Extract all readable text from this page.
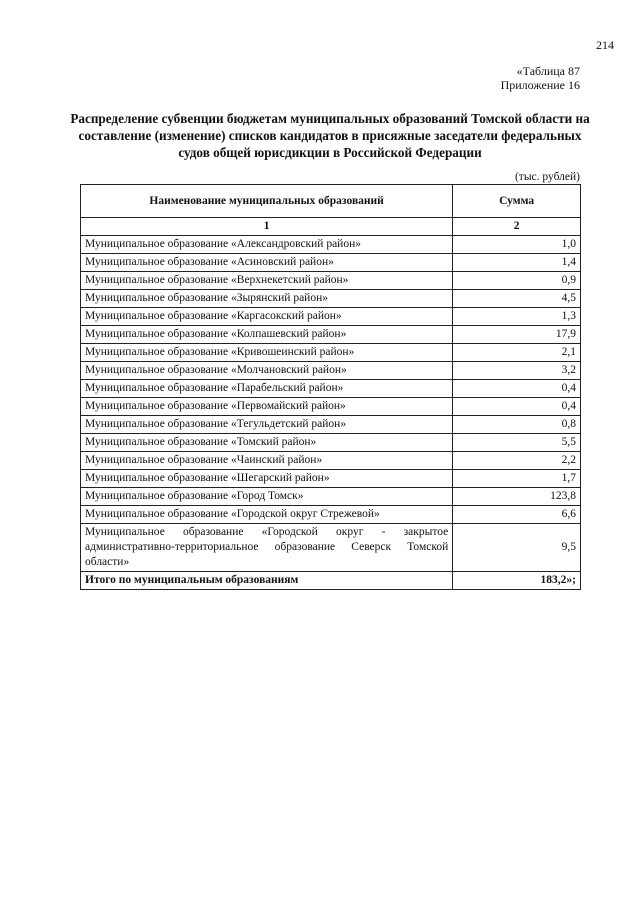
214
«Таблица 87
Приложение 16
Распределение субвенции бюджетам муниципальных образований Томской области на составление (изменение) списков кандидатов в присяжные заседатели федеральных судов общей юрисдикции в Российской Федерации
(тыс. рублей)
Наименование муниципальных образований	Сумма
1	2
Муниципальное образование «Александровский район»	1,0
Муниципальное образование «Асиновский район»	1,4
Муниципальное образование «Верхнекетский район»	0,9
Муниципальное образование «Зырянский район»	4,5
Муниципальное образование «Каргасокский район»	1,3
Муниципальное образование «Колпашевский район»	17,9
Муниципальное образование «Кривошеинский район»	2,1
Муниципальное образование «Молчановский район»	3,2
Муниципальное образование «Парабельский район»	0,4
Муниципальное образование «Первомайский район»	0,4
Муниципальное образование «Тегульдетский район»	0,8
Муниципальное образование «Томский район»	5,5
Муниципальное образование «Чаинский район»	2,2
Муниципальное образование «Шегарский район»	1,7
Муниципальное образование «Город Томск»	123,8
Муниципальное образование «Городской округ Стрежевой»	6,6
Муниципальное образование «Городской округ - закрытое административно-территориальное образование Северск Томской области»	9,5
Итого по муниципальным образованиям	183,2»;
